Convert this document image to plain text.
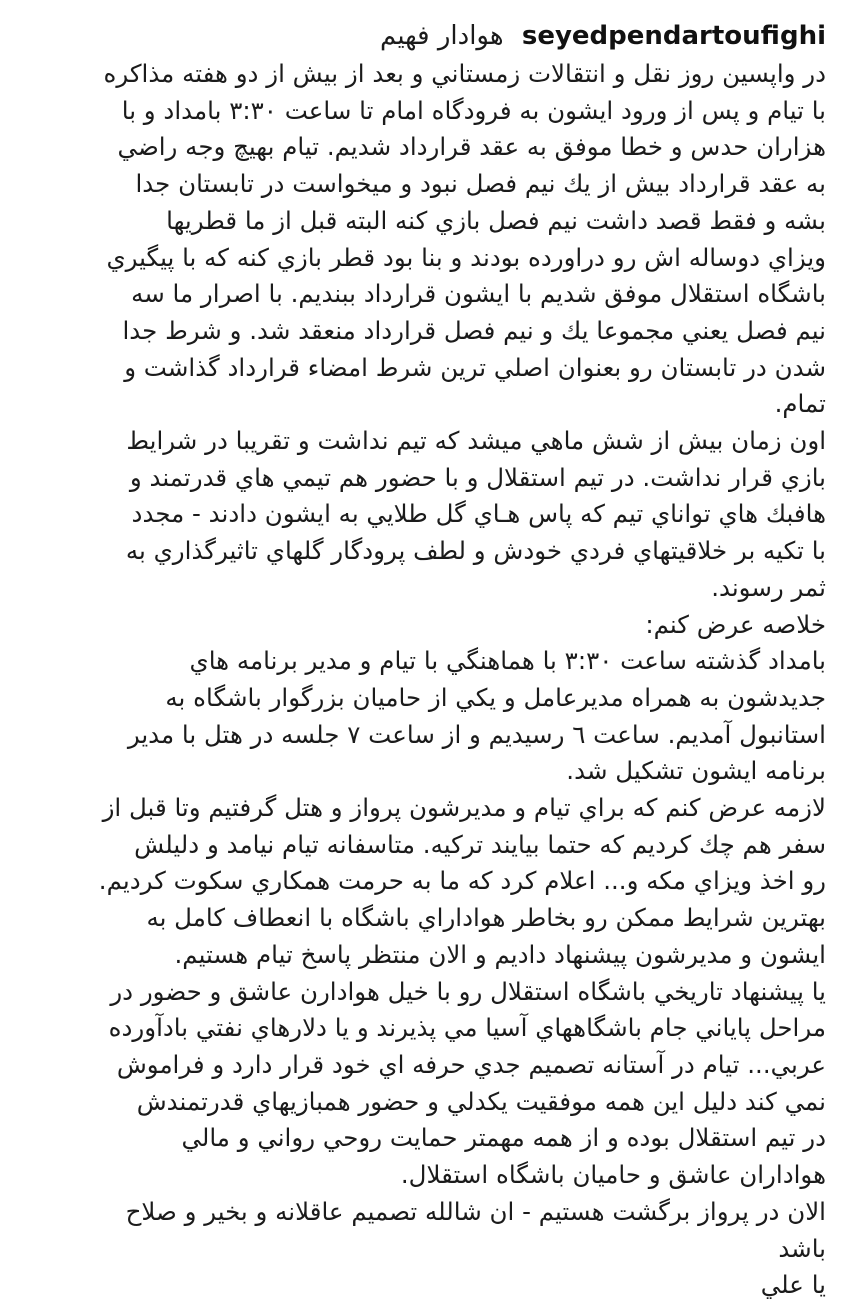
seyedpendartoufighi هوادار فهيم
در واپسين روز نقل و انتقالات زمستاني و بعد از بيش از دو هفته مذاكره
با تيام و پس از ورود ايشون به فرودگاه امام تا ساعت ٣:٣٠ بامداد و با
هزاران حدس و خطا موفق به عقد قرارداد شديم. تيام بهيچ وجه راضي
به عقد قرارداد بيش از يك نيم فصل نبود و ميخواست در تابستان جدا
بشه و فقط قصد داشت نيم فصل بازي كنه البته قبل از ما قطريها
ويزاي دوساله اش رو دراورده بودند و بنا بود قطر بازي كنه كه با پيگيري
باشگاه استقلال موفق شديم با ايشون قرارداد ببنديم. با اصرار ما سه
نيم فصل يعني مجموعا يك و نيم فصل قرارداد منعقد شد. و شرط جدا
شدن در تابستان رو بعنوان اصلي ترين شرط امضاء قرارداد گذاشت و
تمام.
اون زمان بيش از شش ماهي ميشد كه تيم نداشت و تقريبا در شرايط
بازي قرار نداشت. در تيم استقلال و با حضور هم تيمي هاي قدرتمند و
هافبك هاي تواناي تيم كه پاس هـاي گل طلايي به ايشون دادند - مجدد
با تكيه بر خلاقيتهاي فردي خودش و لطف پرودگار گلهاي تاثيرگذاري به
ثمر رسوند.
خلاصه عرض كنم:
بامداد گذشته ساعت ٣:٣٠ با هماهنگي با تيام و مدير برنامه هاي
جديدشون به همراه مديرعامل و يكي از حاميان بزرگوار باشگاه به
استانبول آمديم. ساعت ٦ رسيديم و از ساعت ٧ جلسه در هتل با مدير
برنامه ايشون تشكيل شد.
لازمه عرض كنم كه براي تيام و مديرشون پرواز و هتل گرفتيم وتا قبل از
سفر هم چك كرديم كه حتما بيايند تركيه. متاسفانه تيام نيامد و دليلش
رو اخذ ويزاي مكه و... اعلام كرد كه ما به حرمت همكاري سكوت كرديم.
بهترين شرايط ممكن رو بخاطر هواداراي باشگاه با انعطاف كامل به
ايشون و مديرشون پيشنهاد داديم و الان منتظر پاسخ تيام هستيم.
يا پيشنهاد تاريخي باشگاه استقلال رو با خيل هوادارن عاشق و حضور در
مراحل پاياني جام باشگاههاي آسيا مي پذيرند و يا دلارهاي نفتي بادآورده
عربي... تيام در آستانه تصميم جدي حرفه اي خود قرار دارد و فراموش
نمي كند دليل اين همه موفقيت يكدلي و حضور همبازيهاي قدرتمندش
در تيم استقلال بوده و از همه مهمتر حمايت روحي رواني و مالي
هواداران عاشق و حاميان باشگاه استقلال.
الان در پرواز برگشت هستيم - ان شالله تصميم عاقلانه و بخير و صلاح
باشد
يا علي
